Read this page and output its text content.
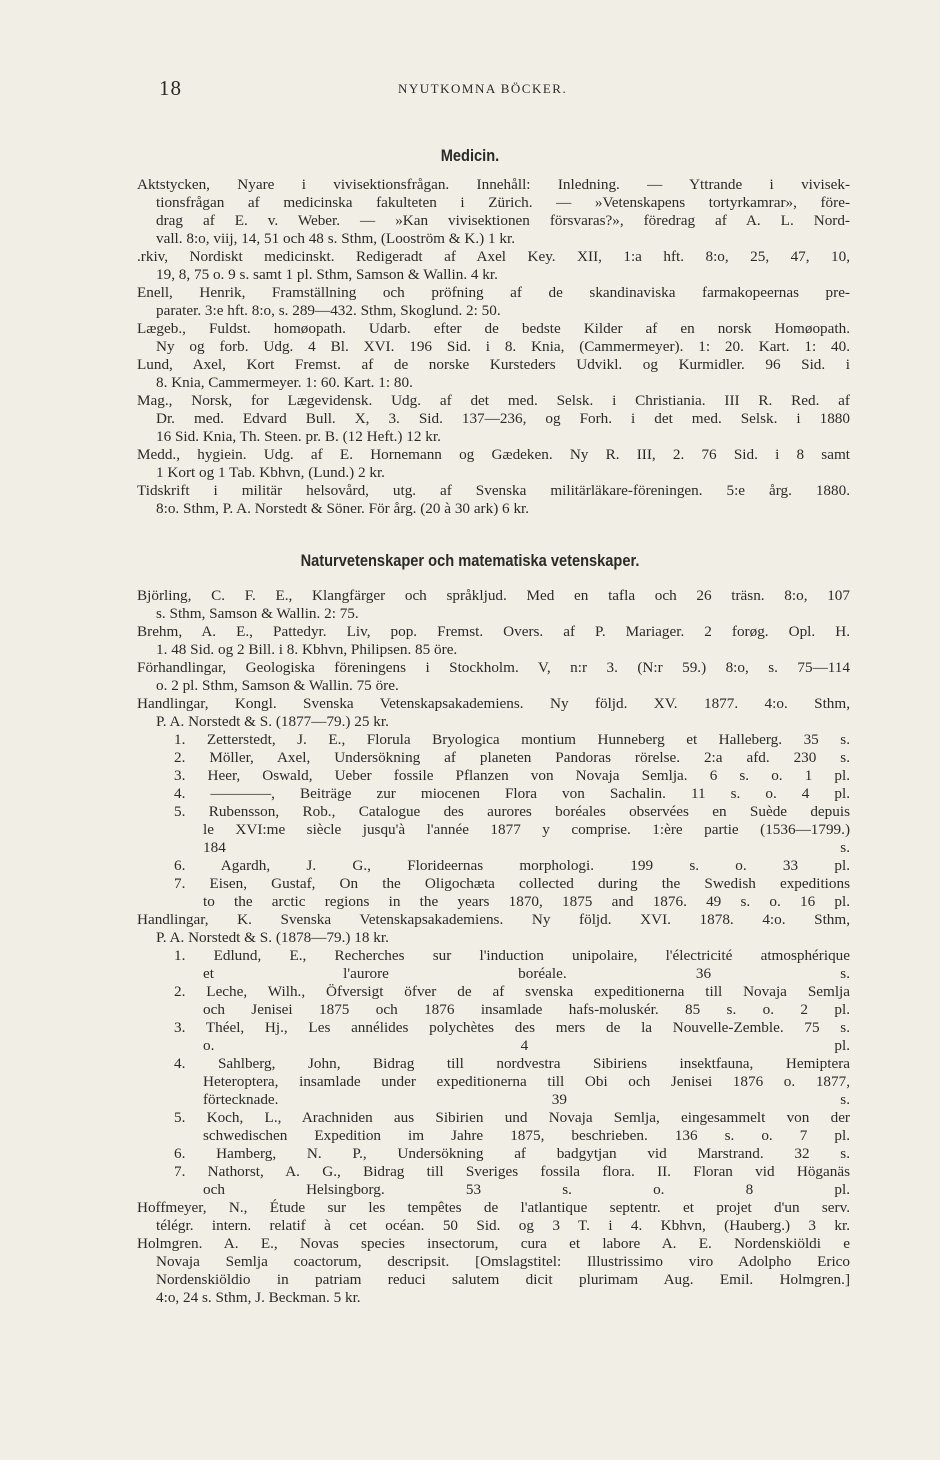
18	NYUTKOMNA BÖCKER.
Medicin.
Aktstycken, Nyare i vivisektionsfrågan. Innehåll: Inledning. — Yttrande i vivisek-
tionsfrågan af medicinska fakulteten i Zürich. — »Vetenskapens tortyrkamrar», före-
drag af E. v. Weber. — »Kan vivisektionen försvaras?», föredrag af A. L. Nord-
vall. 8:o, viij, 14, 51 och 48 s. Sthm, (Looström & K.) 1 kr.
.rkiv, Nordiskt medicinskt. Redigeradt af Axel Key. XII, 1:a hft. 8:o, 25, 47, 10,
19, 8, 75 o. 9 s. samt 1 pl. Sthm, Samson & Wallin. 4 kr.
Enell, Henrik, Framställning och pröfning af de skandinaviska farmakopeernas pre-
parater. 3:e hft. 8:o, s. 289—432. Sthm, Skoglund. 2: 50.
Lægeb., Fuldst. homøopath. Udarb. efter de bedste Kilder af en norsk Homøopath.
Ny og forb. Udg. 4 Bl. XVI. 196 Sid. i 8. Knia, (Cammermeyer). 1: 20. Kart. 1: 40.
Lund, Axel, Kort Fremst. af de norske Kursteders Udvikl. og Kurmidler. 96 Sid. i
8. Knia, Cammermeyer. 1: 60. Kart. 1: 80.
Mag., Norsk, for Lægevidensk. Udg. af det med. Selsk. i Christiania. III R. Red. af
Dr. med. Edvard Bull. X, 3. Sid. 137—236, og Forh. i det med. Selsk. i 1880
16 Sid. Knia, Th. Steen. pr. B. (12 Heft.) 12 kr.
Medd., hygiein. Udg. af E. Hornemann og Gædeken. Ny R. III, 2. 76 Sid. i 8 samt
1 Kort og 1 Tab. Kbhvn, (Lund.) 2 kr.
Tidskrift i militär helsovård, utg. af Svenska militärläkare-föreningen. 5:e årg. 1880.
8:o. Sthm, P. A. Norstedt & Söner. För årg. (20 à 30 ark) 6 kr.
Naturvetenskaper och matematiska vetenskaper.
Björling, C. F. E., Klangfärger och språkljud. Med en tafla och 26 träsn. 8:o, 107
s. Sthm, Samson & Wallin. 2: 75.
Brehm, A. E., Pattedyr. Liv, pop. Fremst. Overs. af P. Mariager. 2 forøg. Opl. H.
1. 48 Sid. og 2 Bill. i 8. Kbhvn, Philipsen. 85 öre.
Förhandlingar, Geologiska föreningens i Stockholm. V, n:r 3. (N:r 59.) 8:o, s. 75—114
o. 2 pl. Sthm, Samson & Wallin. 75 öre.
Handlingar, Kongl. Svenska Vetenskapsakademiens. Ny följd. XV. 1877. 4:o. Sthm,
P. A. Norstedt & S. (1877—79.) 25 kr.
1. Zetterstedt, J. E., Florula Bryologica montium Hunneberg et Halleberg. 35 s.
2. Möller, Axel, Undersökning af planeten Pandoras rörelse. 2:a afd. 230 s.
3. Heer, Oswald, Ueber fossile Pflanzen von Novaja Semlja. 6 s. o. 1 pl.
4. ————, Beiträge zur miocenen Flora von Sachalin. 11 s. o. 4 pl.
5. Rubensson, Rob., Catalogue des aurores boréales observées en Suède depuis
le XVI:me siècle jusqu'à l'année 1877 y comprise. 1:ère partie (1536—1799.)
184 s.
6. Agardh, J. G., Florideernas morphologi. 199 s. o. 33 pl.
7. Eisen, Gustaf, On the Oligochæta collected during the Swedish expeditions
to the arctic regions in the years 1870, 1875 and 1876. 49 s. o. 16 pl.
Handlingar, K. Svenska Vetenskapsakademiens. Ny följd. XVI. 1878. 4:o. Sthm,
P. A. Norstedt & S. (1878—79.) 18 kr.
1. Edlund, E., Recherches sur l'induction unipolaire, l'électricité atmosphérique
et l'aurore boréale. 36 s.
2. Leche, Wilh., Öfversigt öfver de af svenska expeditionerna till Novaja Semlja
och Jenisei 1875 och 1876 insamlade hafs-moluskér. 85 s. o. 2 pl.
3. Théel, Hj., Les annélides polychètes des mers de la Nouvelle-Zemble. 75 s.
o. 4 pl.
4. Sahlberg, John, Bidrag till nordvestra Sibiriens insektfauna, Hemiptera
Heteroptera, insamlade under expeditionerna till Obi och Jenisei 1876 o. 1877,
förtecknade. 39 s.
5. Koch, L., Arachniden aus Sibirien und Novaja Semlja, eingesammelt von der
schwedischen Expedition im Jahre 1875, beschrieben. 136 s. o. 7 pl.
6. Hamberg, N. P., Undersökning af badgytjan vid Marstrand. 32 s.
7. Nathorst, A. G., Bidrag till Sveriges fossila flora. II. Floran vid Höganäs
och Helsingborg. 53 s. o. 8 pl.
Hoffmeyer, N., Étude sur les tempêtes de l'atlantique septentr. et projet d'un serv.
télégr. intern. relatif à cet océan. 50 Sid. og 3 T. i 4. Kbhvn, (Hauberg.) 3 kr.
Holmgren. A. E., Novas species insectorum, cura et labore A. E. Nordenskiöldi e
Novaja Semlja coactorum, descripsit. [Omslagstitel: Illustrissimo viro Adolpho Erico
Nordenskiöldio in patriam reduci salutem dicit plurimam Aug. Emil. Holmgren.]
4:o, 24 s. Sthm, J. Beckman. 5 kr.
